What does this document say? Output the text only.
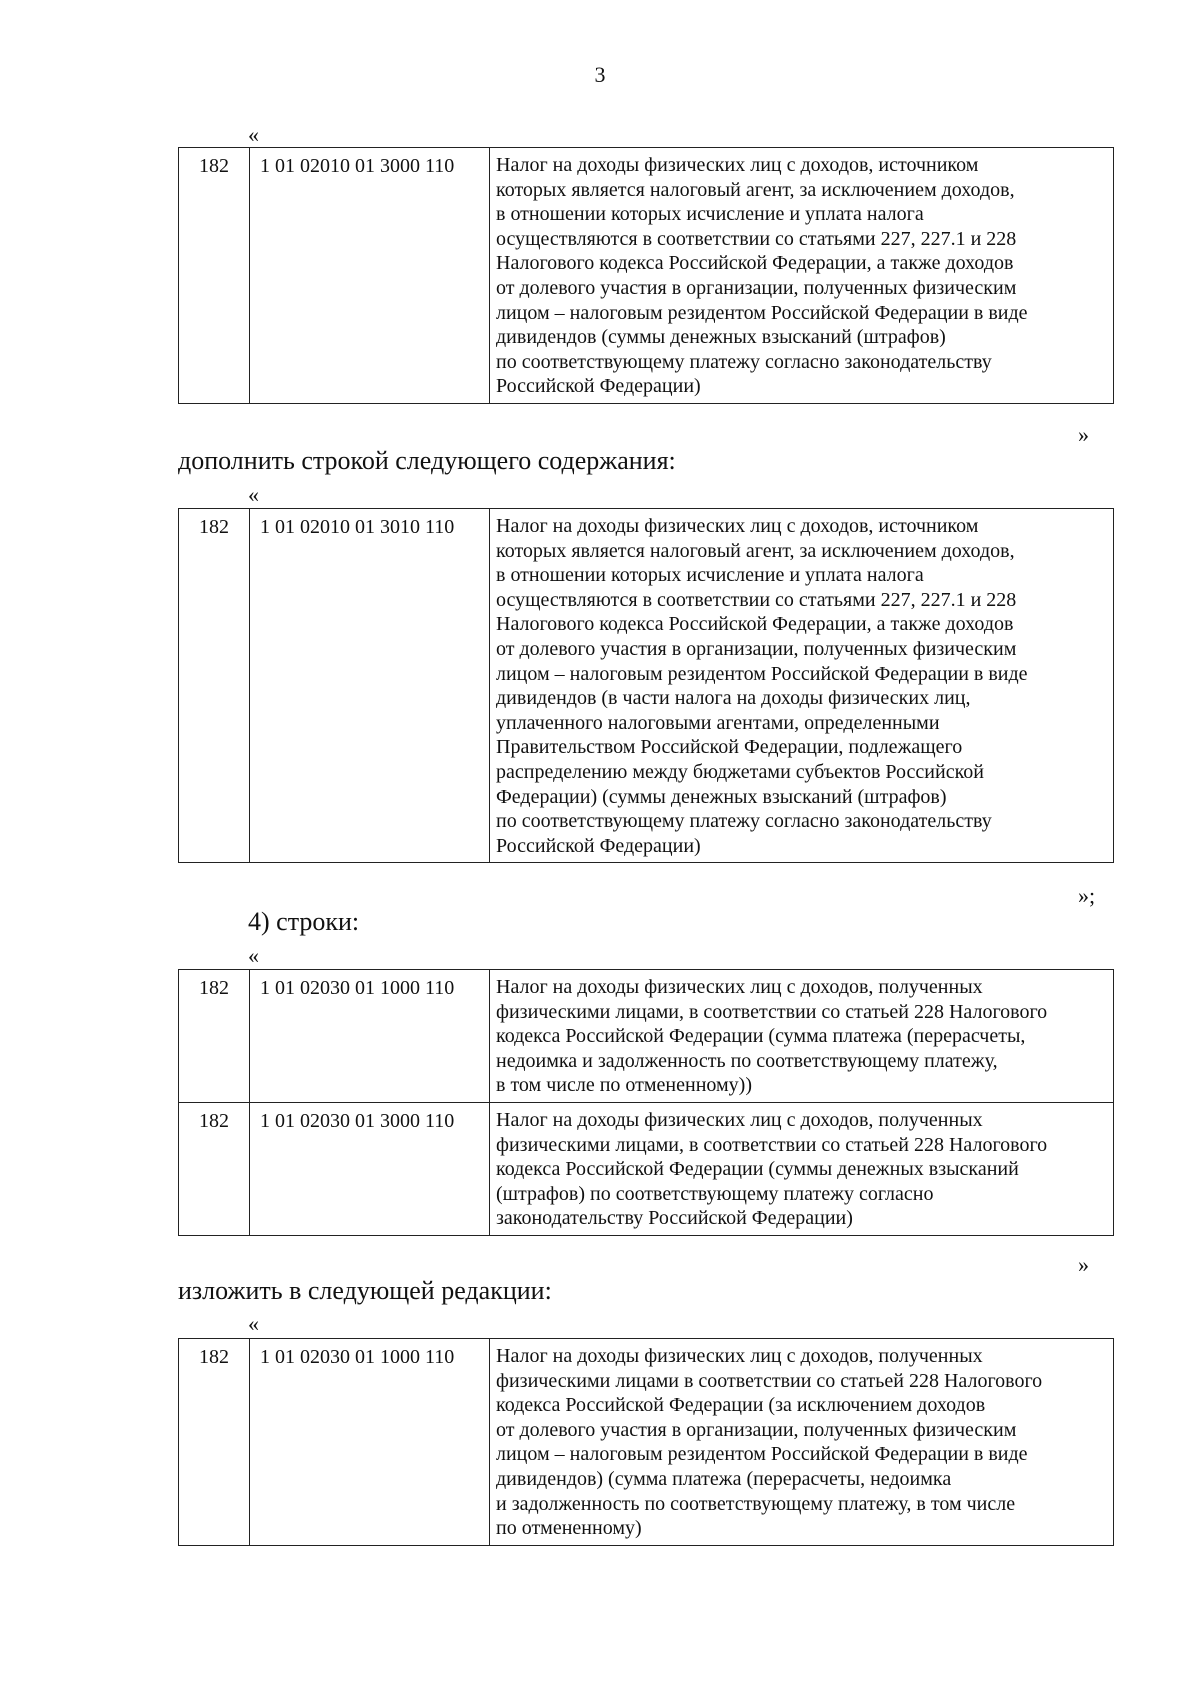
3
«
182	1 01 02010 01 3000 110	Налог на доходы физических лиц с доходов, источником
которых является налоговый агент, за исключением доходов,
в отношении которых исчисление и уплата налога
осуществляются в соответствии со статьями 227, 227.1 и 228
Налогового кодекса Российской Федерации, а также доходов
от долевого участия в организации, полученных физическим
лицом – налоговым резидентом Российской Федерации в виде
дивидендов (суммы денежных взысканий (штрафов)
по соответствующему платежу согласно законодательству
Российской Федерации)
»
дополнить строкой следующего содержания:
«
182	1 01 02010 01 3010 110	Налог на доходы физических лиц с доходов, источником
которых является налоговый агент, за исключением доходов,
в отношении которых исчисление и уплата налога
осуществляются в соответствии со статьями 227, 227.1 и 228
Налогового кодекса Российской Федерации, а также доходов
от долевого участия в организации, полученных физическим
лицом – налоговым резидентом Российской Федерации в виде
дивидендов (в части налога на доходы физических лиц,
уплаченного налоговыми агентами, определенными
Правительством Российской Федерации, подлежащего
распределению между бюджетами субъектов Российской
Федерации) (суммы денежных взысканий (штрафов)
по соответствующему платежу согласно законодательству
Российской Федерации)
»;
4) строки:
«
182	1 01 02030 01 1000 110	Налог на доходы физических лиц с доходов, полученных
физическими лицами, в соответствии со статьей 228 Налогового
кодекса Российской Федерации (сумма платежа (перерасчеты,
недоимка и задолженность по соответствующему платежу,
в том числе по отмененному))

182	1 01 02030 01 3000 110	Налог на доходы физических лиц с доходов, полученных
физическими лицами, в соответствии со статьей 228 Налогового
кодекса Российской Федерации (суммы денежных взысканий
(штрафов) по соответствующему платежу согласно
законодательству Российской Федерации)
»
изложить в следующей редакции:
«
182	1 01 02030 01 1000 110	Налог на доходы физических лиц с доходов, полученных
физическими лицами в соответствии со статьей 228 Налогового
кодекса Российской Федерации (за исключением доходов
от долевого участия в организации, полученных физическим
лицом – налоговым резидентом Российской Федерации в виде
дивидендов) (сумма платежа (перерасчеты, недоимка
и задолженность по соответствующему платежу, в том числе
по отмененному)
